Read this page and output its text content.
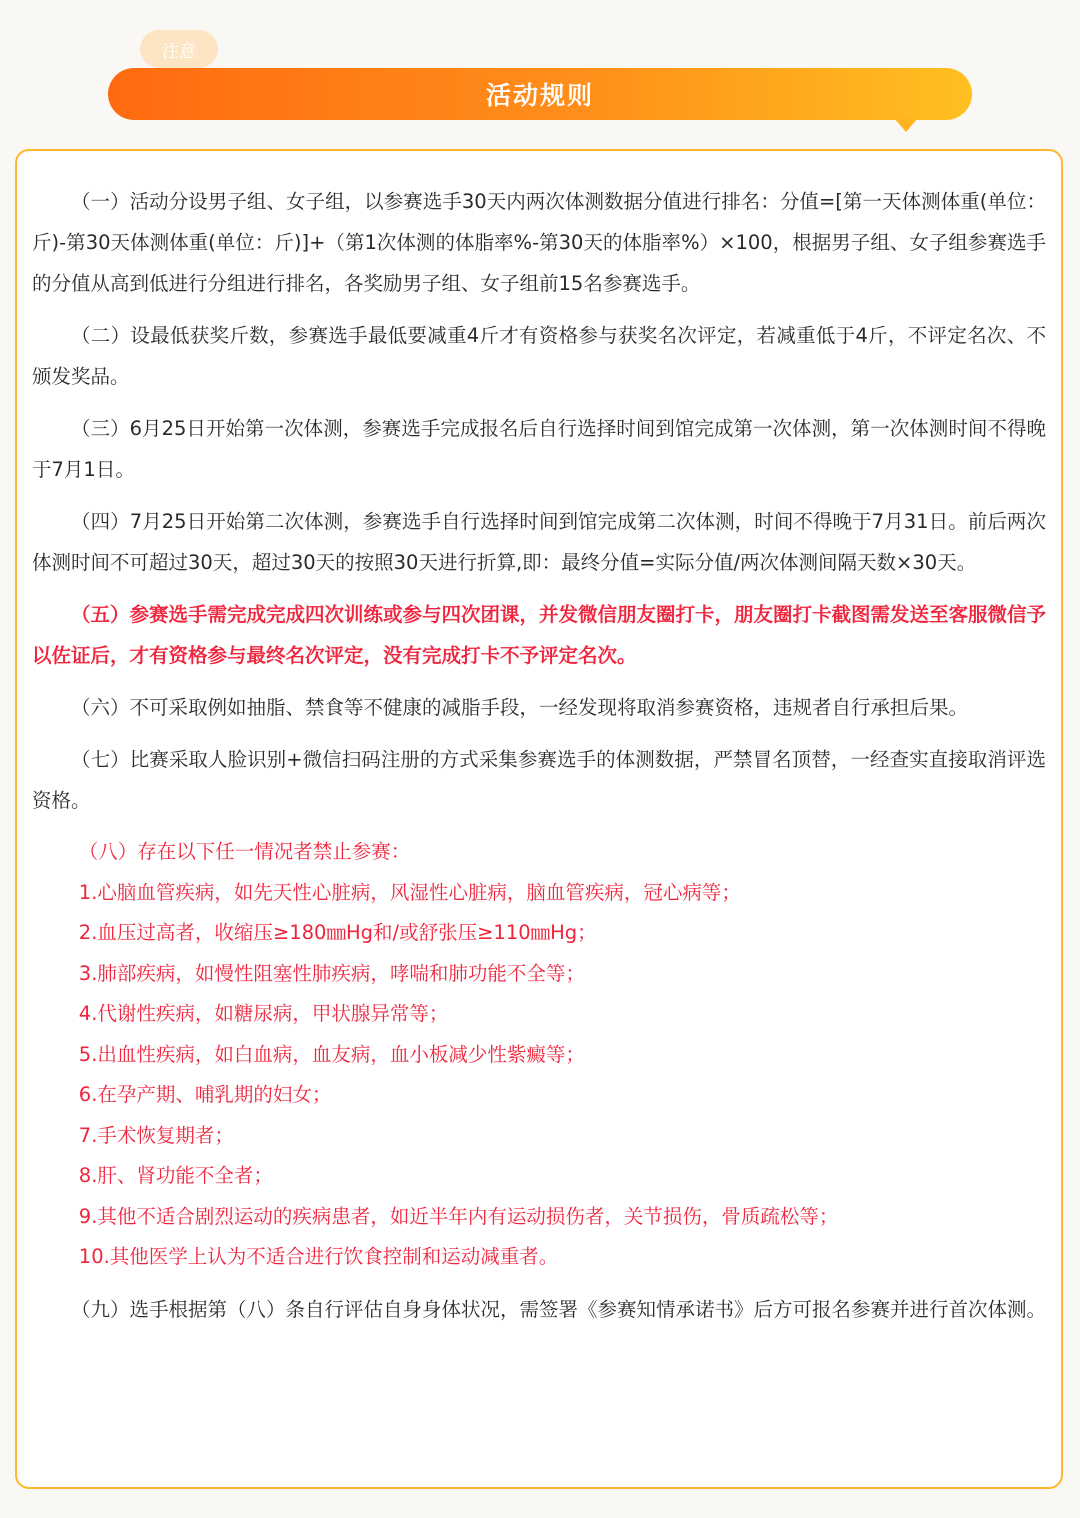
注意
活动规则

（一）活动分设男子组、女子组，以参赛选手30天内两次体测数据分值进行排名：分值=[第一天体测体重(单位：斤)-第30天体测体重(单位：斤)]+（第1次体测的体脂率%-第30天的体脂率%）×100，根据男子组、女子组参赛选手的分值从高到低进行分组进行排名，各奖励男子组、女子组前15名参赛选手。

（二）设最低获奖斤数，参赛选手最低要减重4斤才有资格参与获奖名次评定，若减重低于4斤，不评定名次、不颁发奖品。

（三）6月25日开始第一次体测，参赛选手完成报名后自行选择时间到馆完成第一次体测，第一次体测时间不得晚于7月1日。

（四）7月25日开始第二次体测，参赛选手自行选择时间到馆完成第二次体测，时间不得晚于7月31日。前后两次体测时间不可超过30天，超过30天的按照30天进行折算,即：最终分值=实际分值/两次体测间隔天数×30天。

（五）参赛选手需完成完成四次训练或参与四次团课，并发微信朋友圈打卡，朋友圈打卡截图需发送至客服微信予以佐证后，才有资格参与最终名次评定，没有完成打卡不予评定名次。

（六）不可采取例如抽脂、禁食等不健康的减脂手段，一经发现将取消参赛资格，违规者自行承担后果。

（七）比赛采取人脸识别+微信扫码注册的方式采集参赛选手的体测数据，严禁冒名顶替，一经查实直接取消评选资格。

（八）存在以下任一情况者禁止参赛：

1.心脑血管疾病，如先天性心脏病，风湿性心脏病，脑血管疾病，冠心病等；

2.血压过高者，收缩压≥180㎜Hg和/或舒张压≥110㎜Hg；

3.肺部疾病，如慢性阻塞性肺疾病，哮喘和肺功能不全等；

4.代谢性疾病，如糖尿病，甲状腺异常等；

5.出血性疾病，如白血病，血友病，血小板减少性紫癜等；

6.在孕产期、哺乳期的妇女；

7.手术恢复期者；

8.肝、肾功能不全者；

9.其他不适合剧烈运动的疾病患者，如近半年内有运动损伤者，关节损伤，骨质疏松等；

10.其他医学上认为不适合进行饮食控制和运动减重者。

（九）选手根据第（八）条自行评估自身身体状况，需签署《参赛知情承诺书》后方可报名参赛并进行首次体测。
